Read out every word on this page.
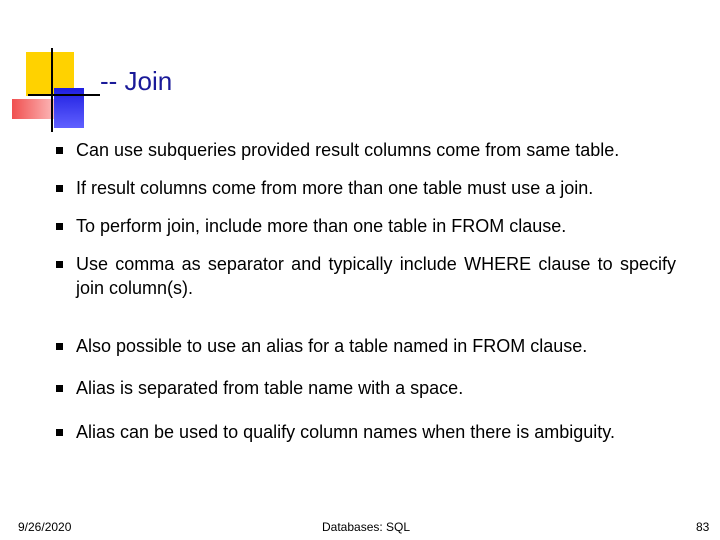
-- Join
Can use subqueries provided result columns come from same table.
If result columns come from more than one table must use a join.
To perform join, include more than one table in FROM clause.
Use comma as separator and typically include WHERE clause to specify join column(s).
Also possible to use an alias for a table named in FROM clause.
Alias is separated from table name with a space.
Alias can be used to qualify column names when there is ambiguity.
9/26/2020	Databases: SQL	83
